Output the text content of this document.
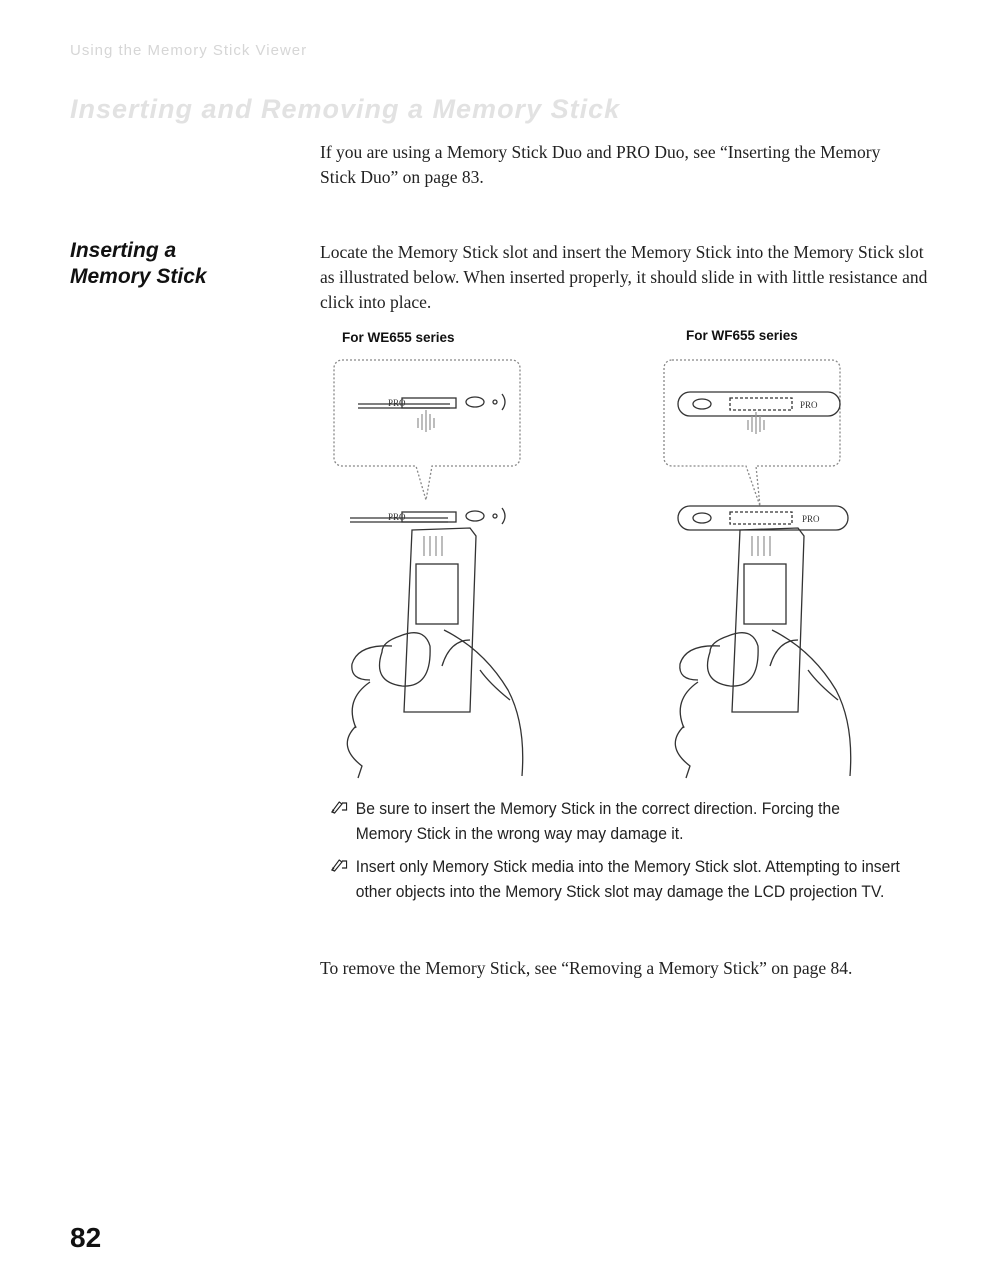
Using the Memory Stick Viewer
Inserting and Removing a Memory Stick
If you are using a Memory Stick Duo and PRO Duo, see “Inserting the Memory Stick Duo” on page 83.
Inserting a
Memory Stick
Locate the Memory Stick slot and insert the Memory Stick into the Memory Stick slot as illustrated below. When inserted properly, it should slide in with little resistance and click into place.
For WE655 series	For WF655 series
PRO
PRO
PRO
PRO
Be sure to insert the Memory Stick in the correct direction. Forcing the Memory Stick in the wrong way may damage it.
Insert only Memory Stick media into the Memory Stick slot. Attempting to insert other objects into the Memory Stick slot may damage the LCD projection TV.
To remove the Memory Stick, see “Removing a Memory Stick” on page 84.
82
